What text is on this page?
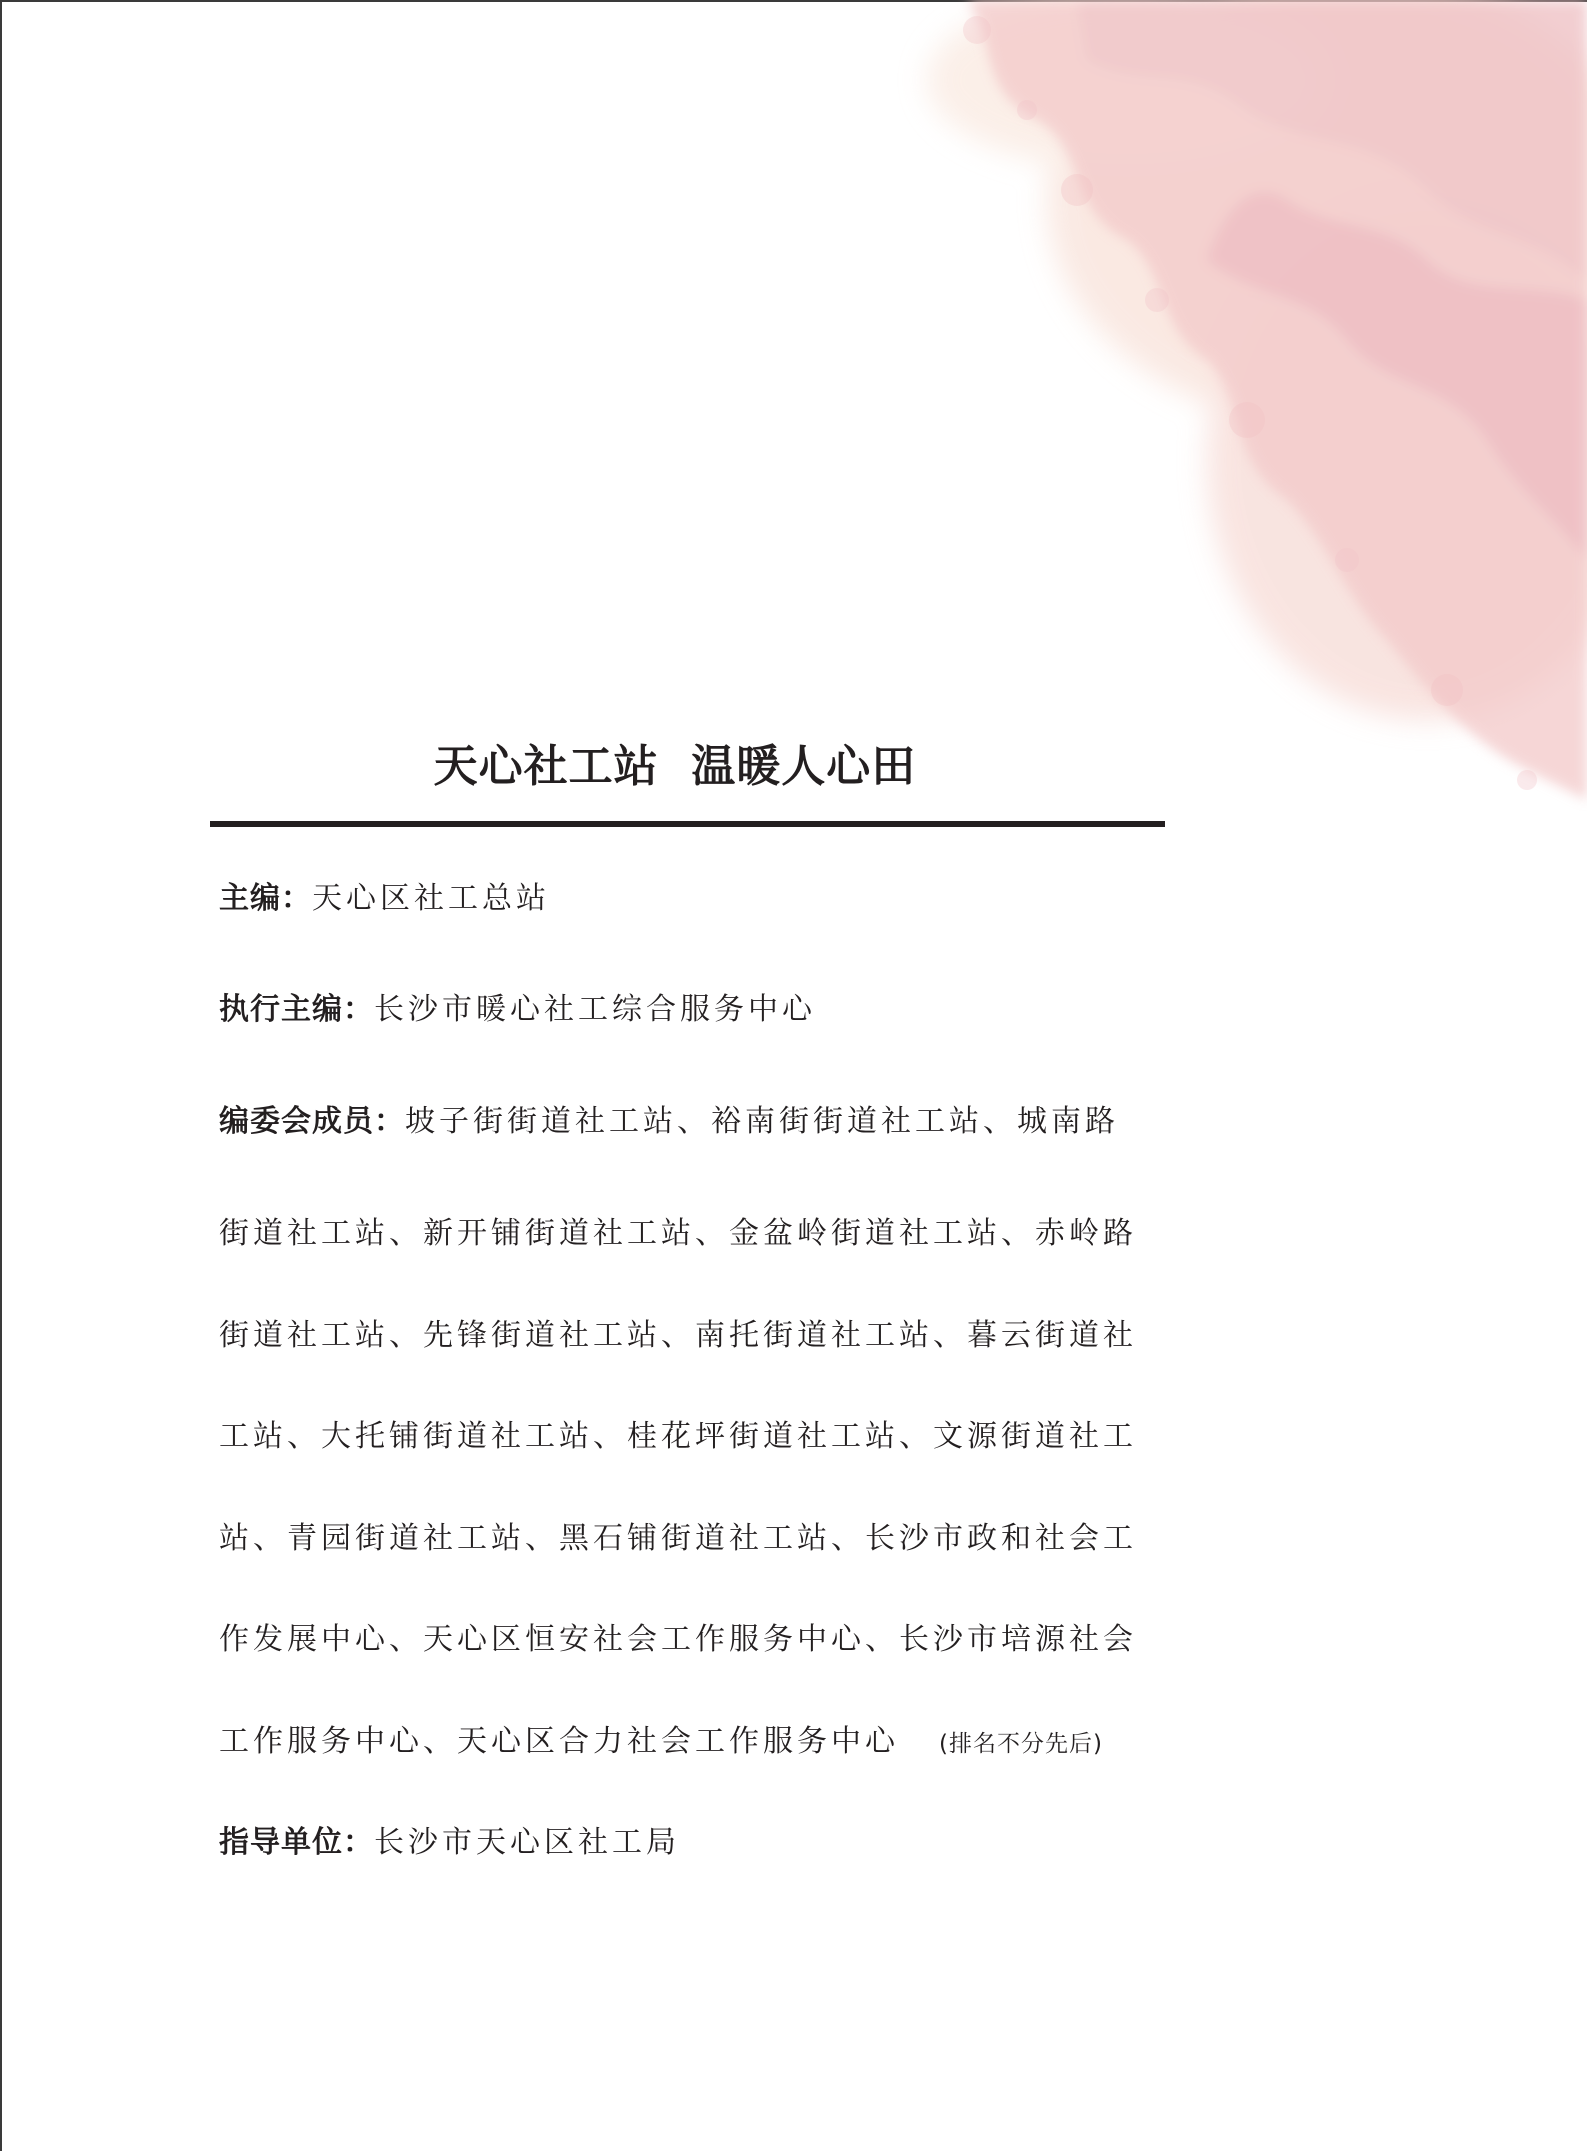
天心社工站  温暖人心田
主编：天心区社工总站
执行主编：长沙市暖心社工综合服务中心
编委会成员：坡子街街道社工站、裕南街街道社工站、城南路
街道社工站、新开铺街道社工站、金盆岭街道社工站、赤岭路
街道社工站、先锋街道社工站、南托街道社工站、暮云街道社
工站、大托铺街道社工站、桂花坪街道社工站、文源街道社工
站、青园街道社工站、黑石铺街道社工站、长沙市政和社会工
作发展中心、天心区恒安社会工作服务中心、长沙市培源社会
工作服务中心、天心区合力社会工作服务中心 (排名不分先后)
指导单位：长沙市天心区社工局
